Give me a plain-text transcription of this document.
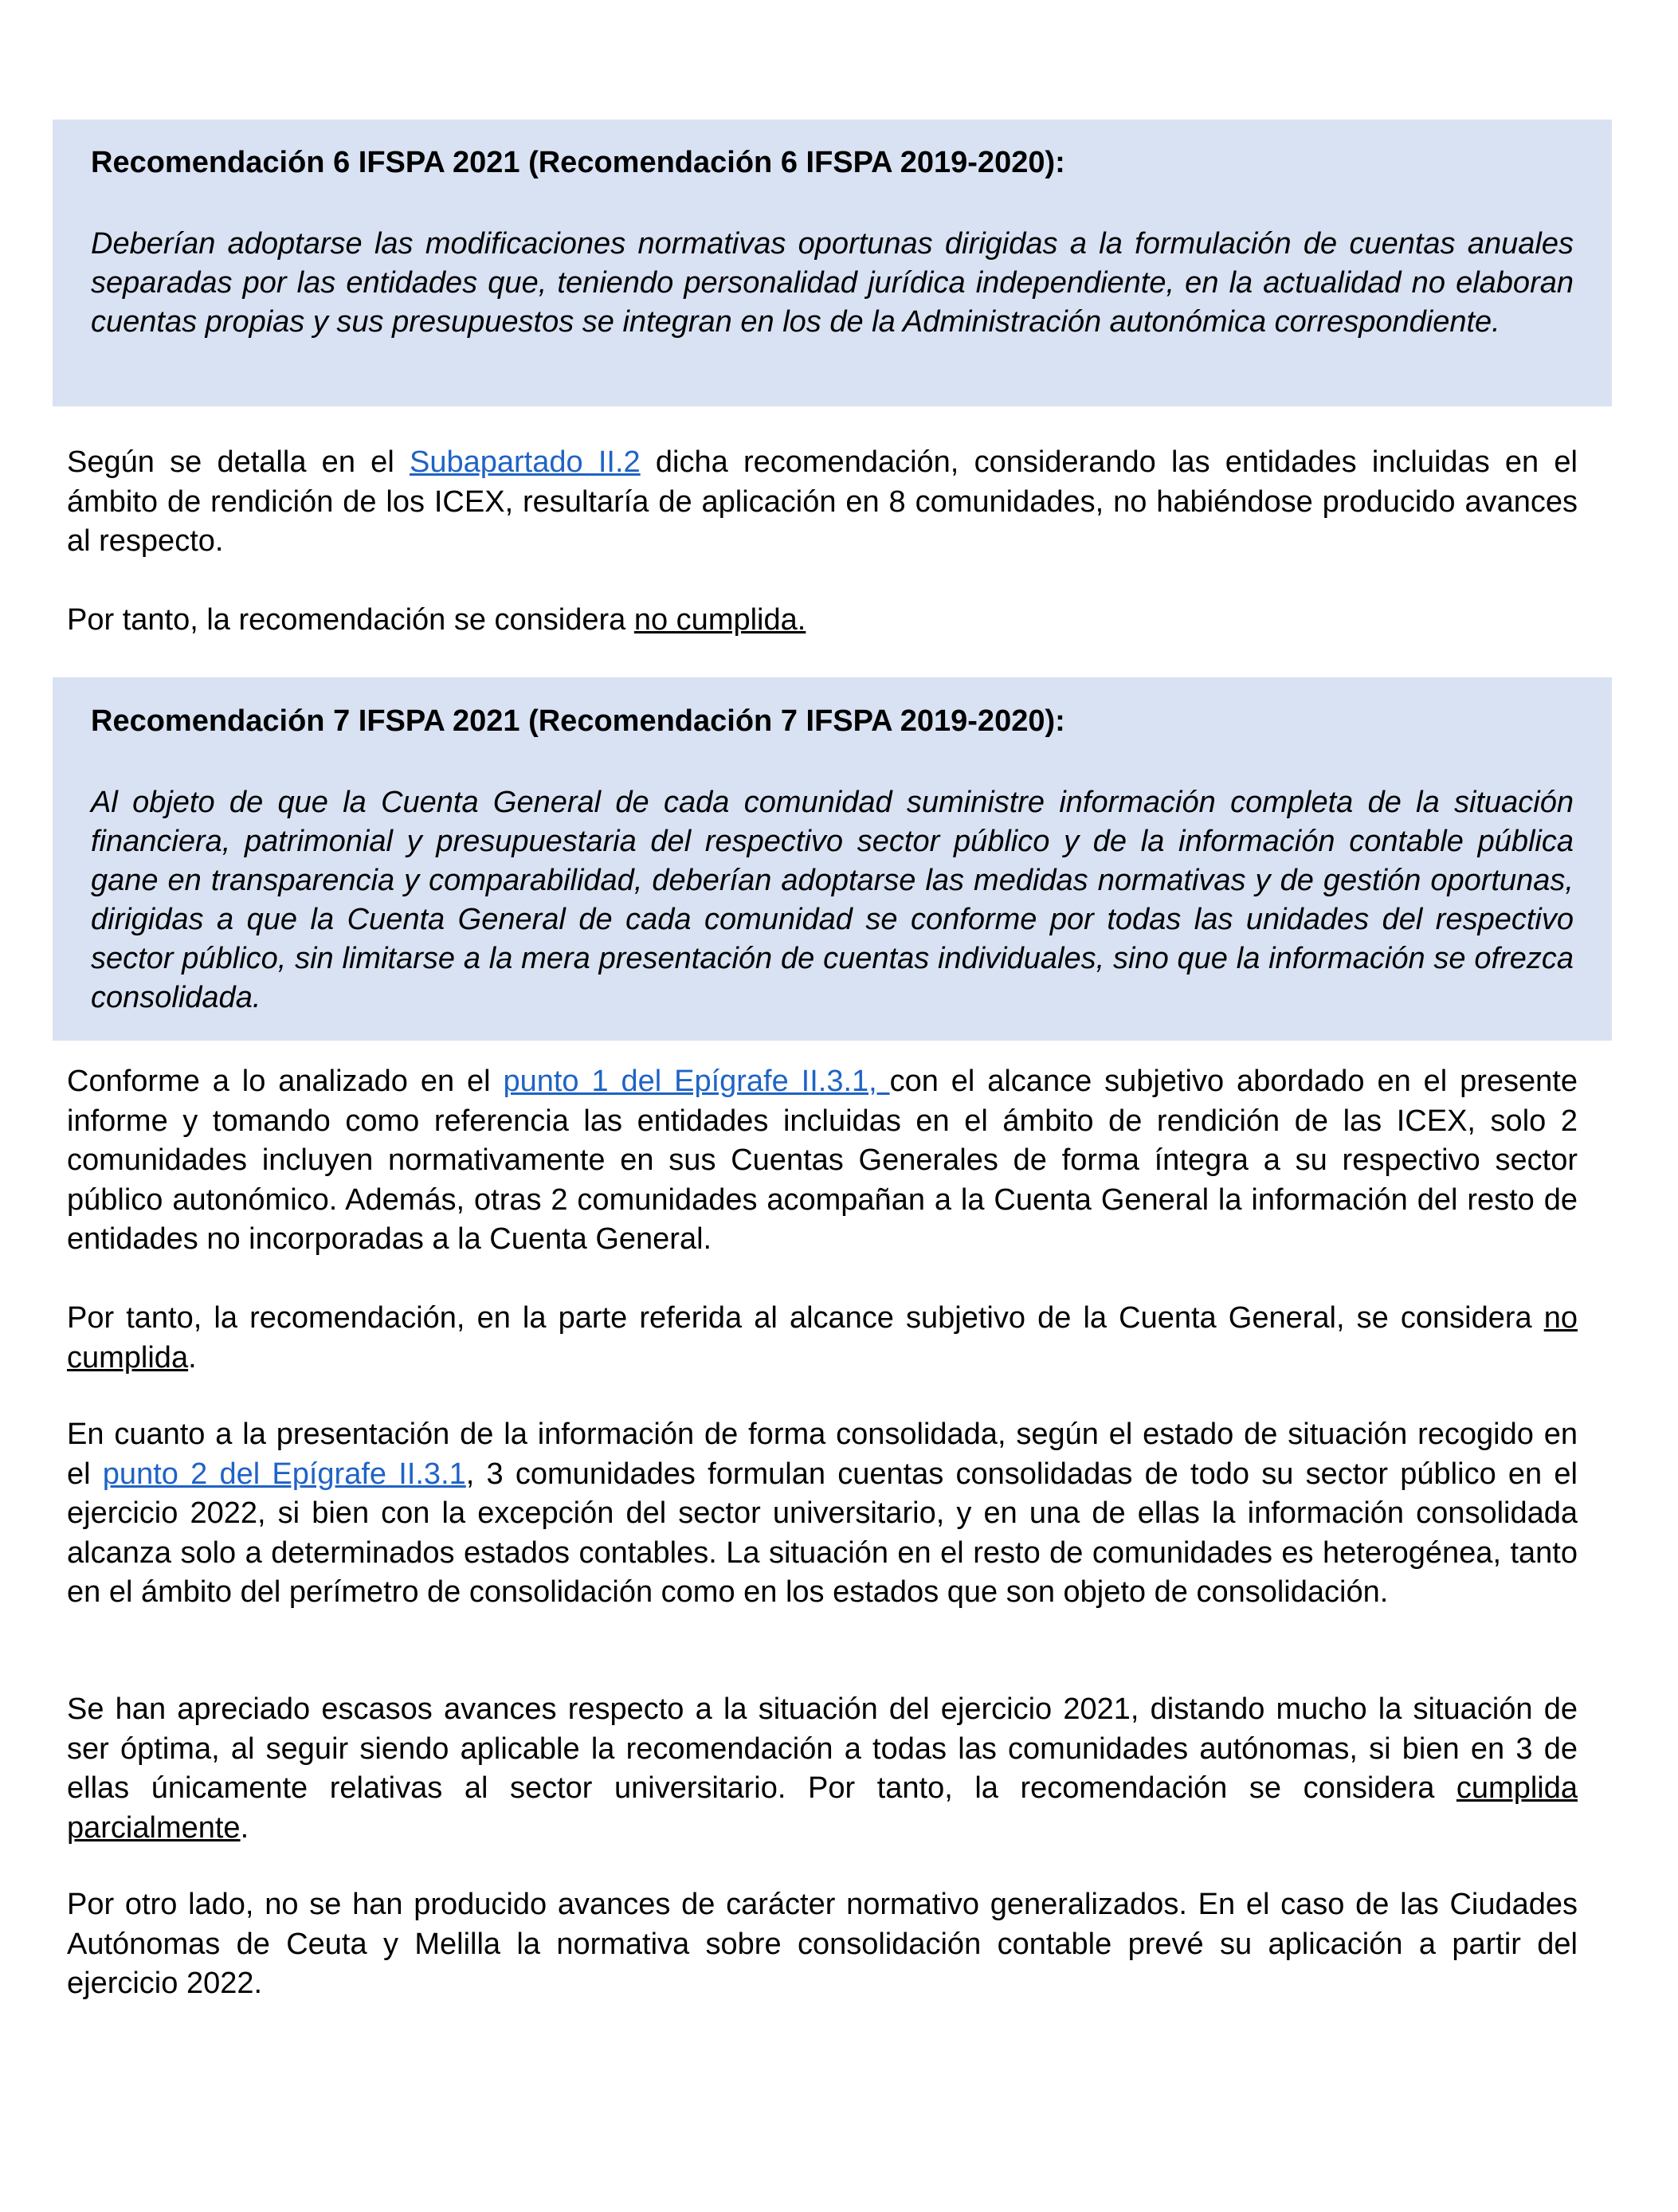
Recomendación 6 IFSPA 2021 (Recomendación 6 IFSPA 2019-2020):
Deberían adoptarse las modificaciones normativas oportunas dirigidas a la formulación de cuentas anuales separadas por las entidades que, teniendo personalidad jurídica independiente, en la actualidad no elaboran cuentas propias y sus presupuestos se integran en los de la Administración autonómica correspondiente.

Según se detalla en el Subapartado II.2 dicha recomendación, considerando las entidades incluidas en el ámbito de rendición de los ICEX, resultaría de aplicación en 8 comunidades, no habiéndose producido avances al respecto.

Por tanto, la recomendación se considera no cumplida.

Recomendación 7 IFSPA 2021 (Recomendación 7 IFSPA 2019-2020):
Al objeto de que la Cuenta General de cada comunidad suministre información completa de la situación financiera, patrimonial y presupuestaria del respectivo sector público y de la información contable pública gane en transparencia y comparabilidad, deberían adoptarse las medidas normativas y de gestión oportunas, dirigidas a que la Cuenta General de cada comunidad se conforme por todas las unidades del respectivo sector público, sin limitarse a la mera presentación de cuentas individuales, sino que la información se ofrezca consolidada.

Conforme a lo analizado en el punto 1 del Epígrafe II.3.1, con el alcance subjetivo abordado en el presente informe y tomando como referencia las entidades incluidas en el ámbito de rendición de las ICEX, solo 2 comunidades incluyen normativamente en sus Cuentas Generales de forma íntegra a su respectivo sector público autonómico. Además, otras 2 comunidades acompañan a la Cuenta General la información del resto de entidades no incorporadas a la Cuenta General.

Por tanto, la recomendación, en la parte referida al alcance subjetivo de la Cuenta General, se considera no cumplida.

En cuanto a la presentación de la información de forma consolidada, según el estado de situación recogido en el punto 2 del Epígrafe II.3.1, 3 comunidades formulan cuentas consolidadas de todo su sector público en el ejercicio 2022, si bien con la excepción del sector universitario, y en una de ellas la información consolidada alcanza solo a determinados estados contables. La situación en el resto de comunidades es heterogénea, tanto en el ámbito del perímetro de consolidación como en los estados que son objeto de consolidación.

Se han apreciado escasos avances respecto a la situación del ejercicio 2021, distando mucho la situación de ser óptima, al seguir siendo aplicable la recomendación a todas las comunidades autónomas, si bien en 3 de ellas únicamente relativas al sector universitario. Por tanto, la recomendación se considera cumplida parcialmente.

Por otro lado, no se han producido avances de carácter normativo generalizados. En el caso de las Ciudades Autónomas de Ceuta y Melilla la normativa sobre consolidación contable prevé su aplicación a partir del ejercicio 2022.
